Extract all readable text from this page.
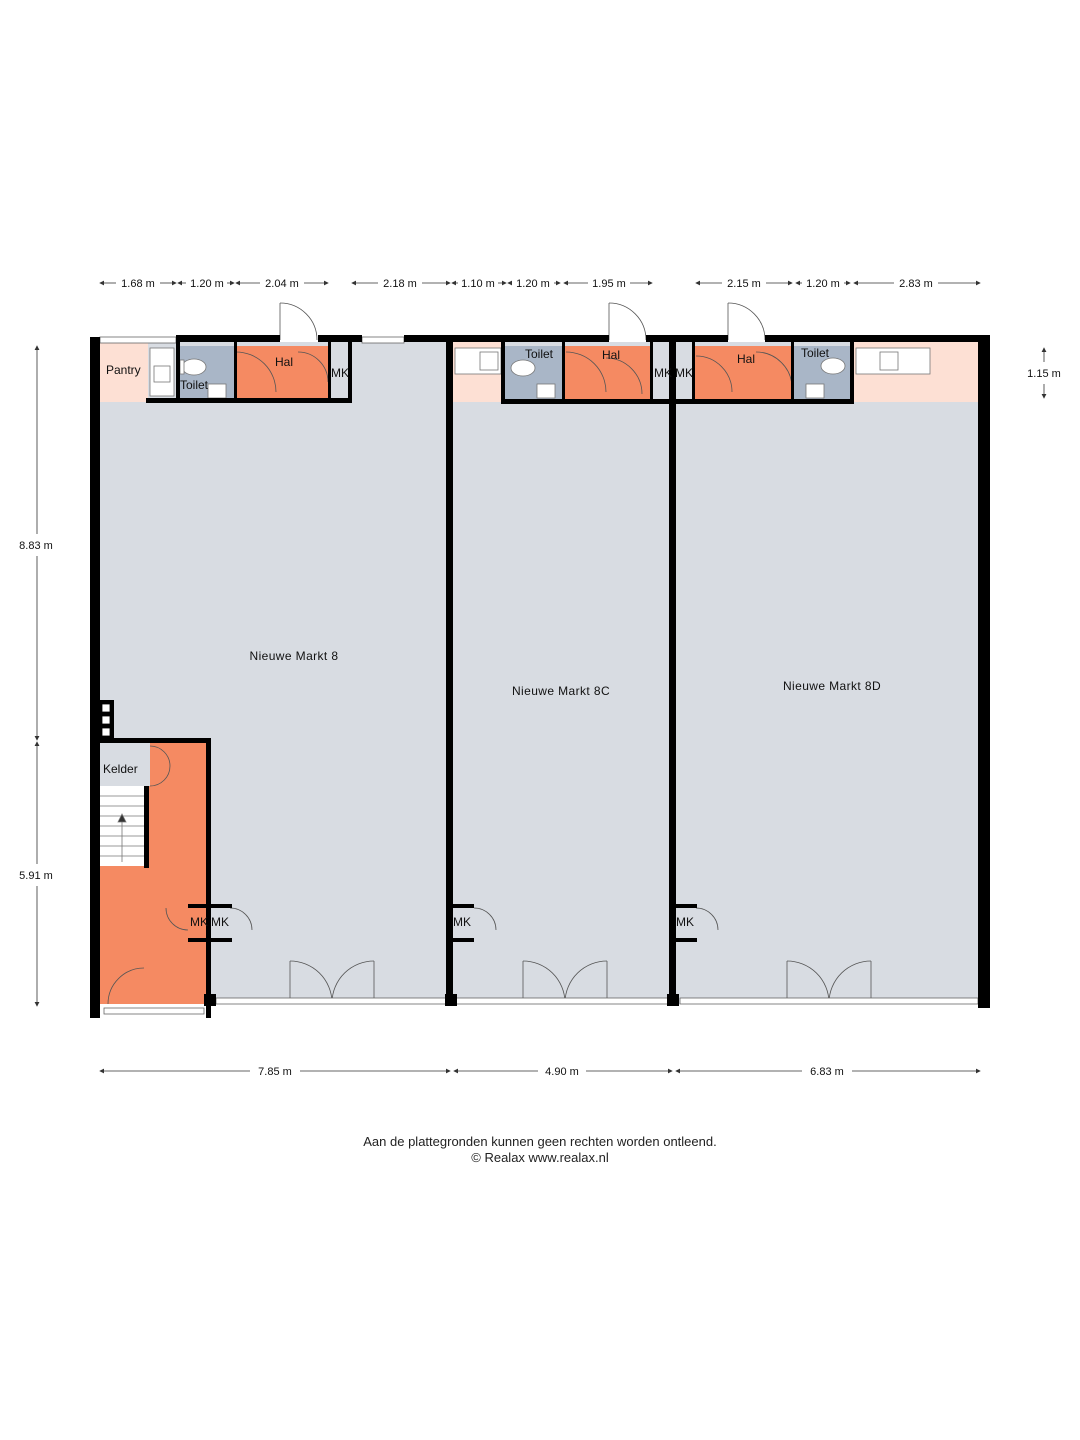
Nieuwe Markt 8
Nieuwe Markt 8C	Nieuwe Markt 8D
Pantry
Toilet
Hal
MK
Toilet	Hal
MK MK
Hal	Toilet
Kelder
MK MK	MK	MK
1.68 m	1.20 m	2.04 m	2.18 m	1.10 m 1.20 m	1.95 m	2.15 m	1.20 m	2.83 m
8.83 m
5.91 m
1.15 m
7.85 m	4.90 m	6.83 m
Aan de plattegronden kunnen geen rechten worden ontleend.
© Realax www.realax.nl
